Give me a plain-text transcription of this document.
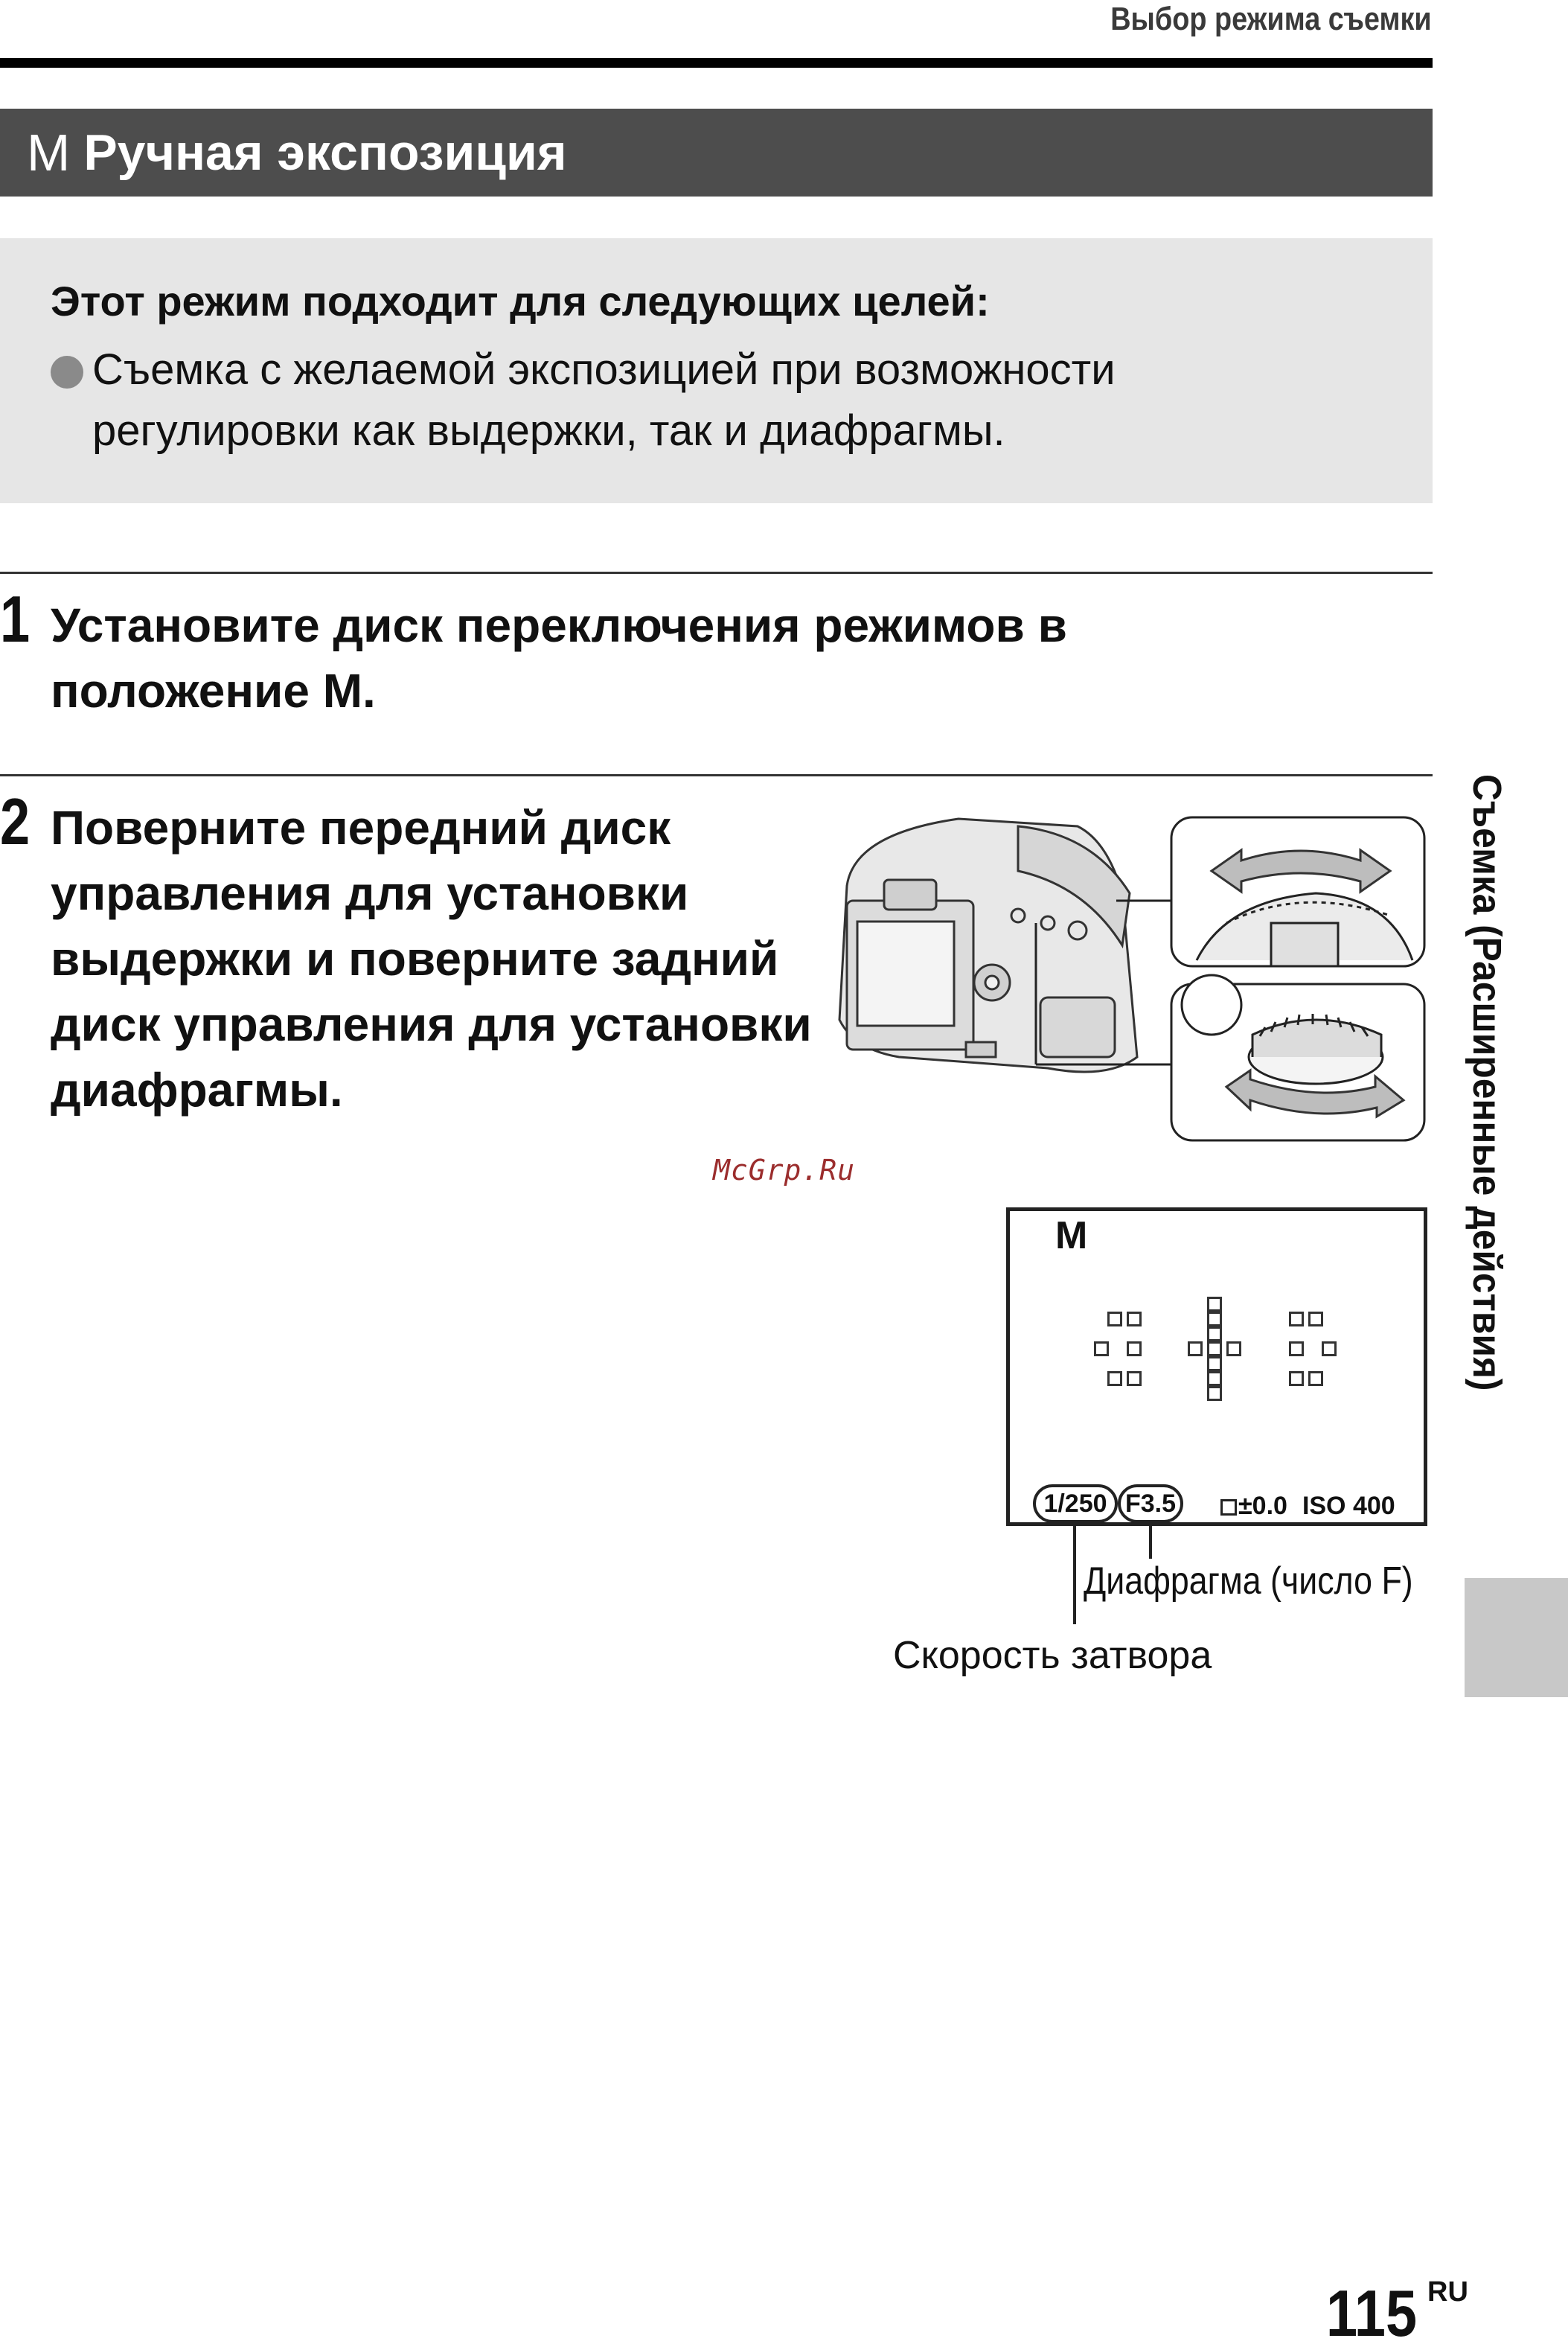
Выбор режима съемки
M Ручная экспозиция
Этот режим подходит для следующих целей:
Съемка с желаемой экспозицией при возможности регулировки как выдержки, так и диафрагмы.
1 Установите диск переключения режимов в положение M.
2 Поверните передний диск управления для установки выдержки и поверните задний диск управления для установки диафрагмы.
McGrp.Ru
M
1/250 F3.5	±0.0 ISO 400
Диафрагма (число F)
Скорость затвора
Съемка (Расширенные действия)
115 RU
